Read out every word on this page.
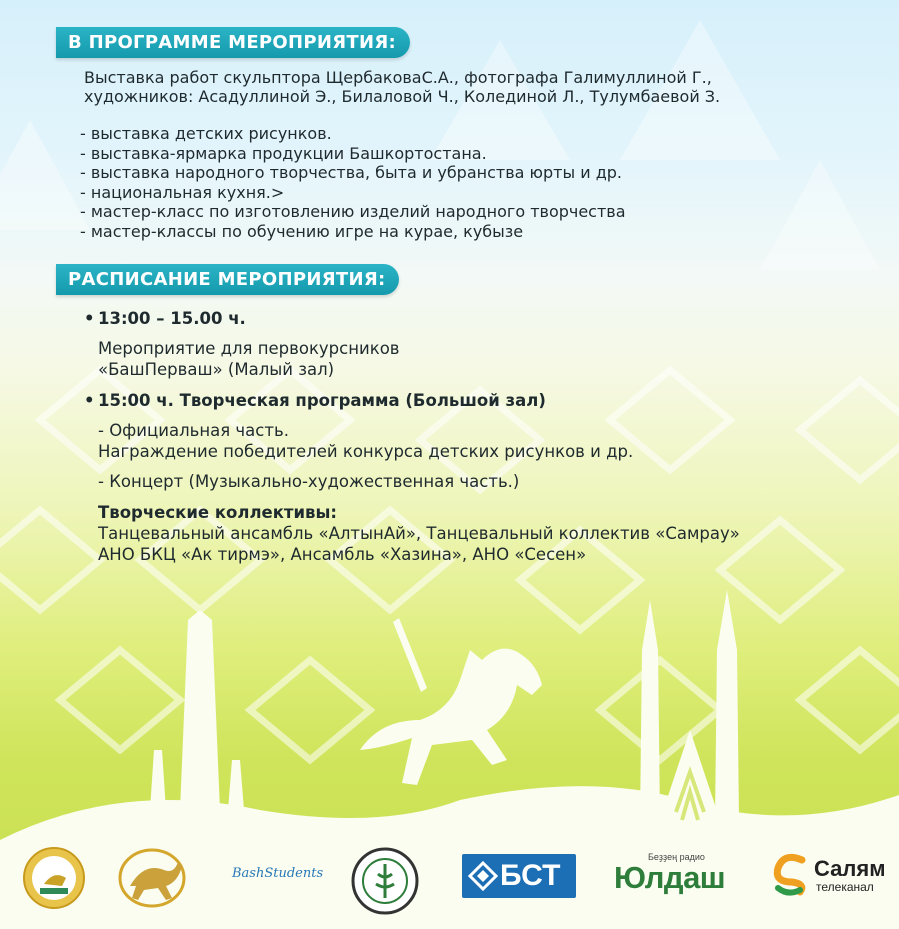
В ПРОГРАММЕ МЕРОПРИЯТИЯ:
Выставка работ скульптора ЩербаковаС.А., фотографа Галимуллиной Г.,
художников: Асадуллиной Э., Билаловой Ч., Кoлединой Л., Тулумбаевой З.
- выставка детских рисунков.
- выставка-ярмарка продукции Башкортостана.
- выставка народного творчества, быта и убранства юрты и др.
- национальная кухня.>
- мастер-класс по изготовлению изделий народного творчества
- мастер-классы по обучению игре на курае, кубызе
РАСПИСАНИЕ МЕРОПРИЯТИЯ:
• 13:00 – 15.00 ч.
Мероприятие для первокурсников
«БашПерваш» (Малый зал)
• 15:00 ч. Творческая программа (Большой зал)
- Официальная часть.
Награждение победителей конкурса детских рисунков и др.
- Концерт (Музыкально-художественная часть.)
Творческие коллективы:
Танцевальный ансамбль «АлтынАй», Танцевальный коллектив «Самрау»
АНО БКЦ «Ак тирмэ», Ансамбль «Хазина», АНО «Сесен»
BashStudents	БСТ
Беҙҙең радио
Юлдаш	Салям
телеканал
